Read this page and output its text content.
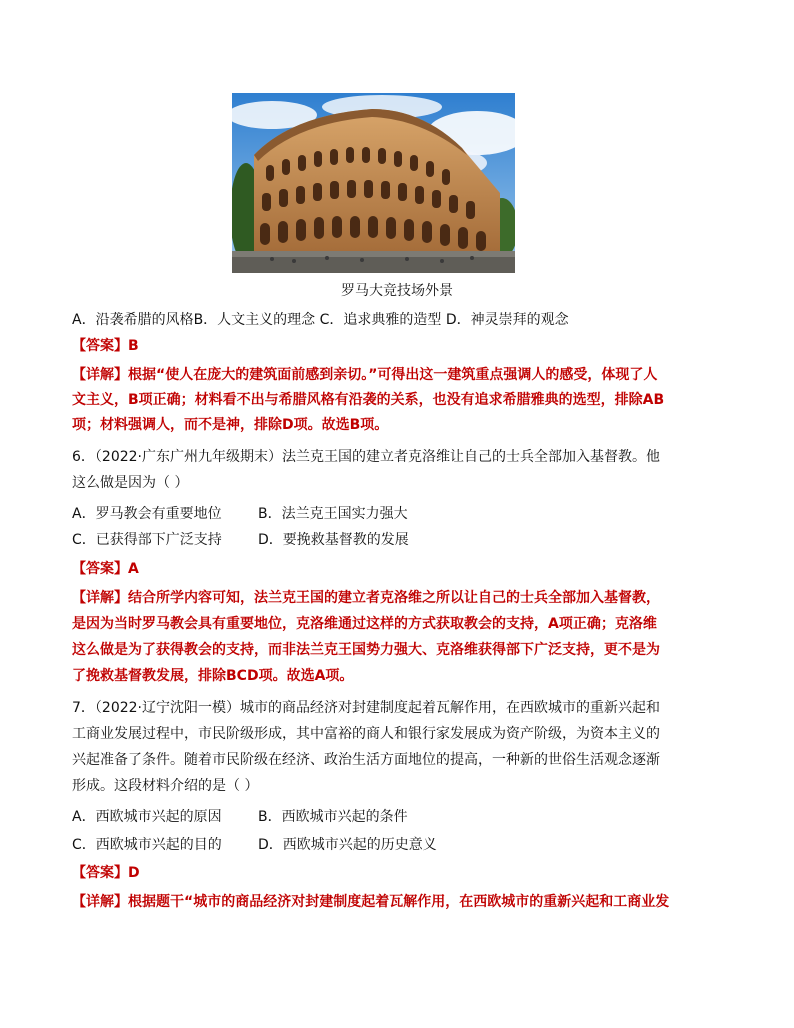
罗马大竞技场外景
A．沿袭希腊的风格B．人文主义的理念 C．追求典雅的造型 D．神灵崇拜的观念
【答案】B
【详解】根据“使人在庞大的建筑面前感到亲切。”可得出这一建筑重点强调人的感受，体现了人
文主义，B项正确；材料看不出与希腊风格有沿袭的关系，也没有追求希腊雅典的选型，排除AB
项；材料强调人，而不是神，排除D项。故选B项。
6．（2022·广东广州九年级期末）法兰克王国的建立者克洛维让自己的士兵全部加入基督教。他
这么做是因为（ ）
A．罗马教会有重要地位	B．法兰克王国实力强大
C．已获得部下广泛支持	D．要挽救基督教的发展
【答案】A
【详解】结合所学内容可知，法兰克王国的建立者克洛维之所以让自己的士兵全部加入基督教，
是因为当时罗马教会具有重要地位，克洛维通过这样的方式获取教会的支持，A项正确；克洛维
这么做是为了获得教会的支持，而非法兰克王国势力强大、克洛维获得部下广泛支持，更不是为
了挽救基督教发展，排除BCD项。故选A项。
7．（2022·辽宁沈阳一模）城市的商品经济对封建制度起着瓦解作用，在西欧城市的重新兴起和
工商业发展过程中，市民阶级形成，其中富裕的商人和银行家发展成为资产阶级，为资本主义的
兴起准备了条件。随着市民阶级在经济、政治生活方面地位的提高，一种新的世俗生活观念逐渐
形成。这段材料介绍的是（ ）
A．西欧城市兴起的原因	B．西欧城市兴起的条件
C．西欧城市兴起的目的	D．西欧城市兴起的历史意义
【答案】D
【详解】根据题干“城市的商品经济对封建制度起着瓦解作用，在西欧城市的重新兴起和工商业发
